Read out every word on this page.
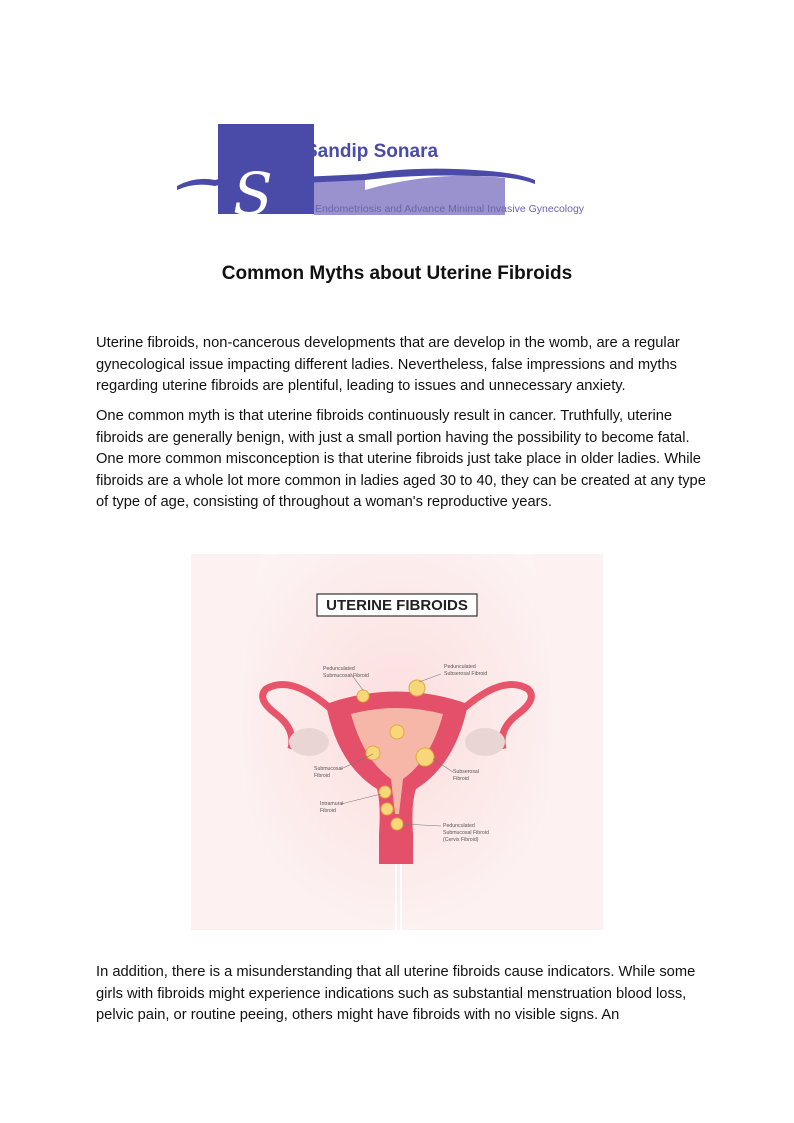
S
DR. Sandip Sonara
Endometriosis and Advance Minimal Invasive Gynecology
Common Myths about Uterine Fibroids

Uterine fibroids, non-cancerous developments that are develop in the womb, are a regular gynecological issue impacting different ladies. Nevertheless, false impressions and myths regarding uterine fibroids are plentiful, leading to issues and unnecessary anxiety.

One common myth is that uterine fibroids continuously result in cancer. Truthfully, uterine fibroids are generally benign, with just a small portion having the possibility to become fatal. One more common misconception is that uterine fibroids just take place in older ladies. While fibroids are a whole lot more common in ladies aged 30 to 40, they can be created at any type of type of age, consisting of throughout a woman's reproductive years.

UTERINE FIBROIDS
Pedunculated Submucosal Fibroid
Pedunculated Subserosal Fibroid
Submucosal Fibroid
Subserosal Fibroid
Intramural Fibroid
Pedunculated Submucosal Fibroid (Cervix Fibroid)

In addition, there is a misunderstanding that all uterine fibroids cause indicators. While some girls with fibroids might experience indications such as substantial menstruation blood loss, pelvic pain, or routine peeing, others might have fibroids with no visible signs. An
